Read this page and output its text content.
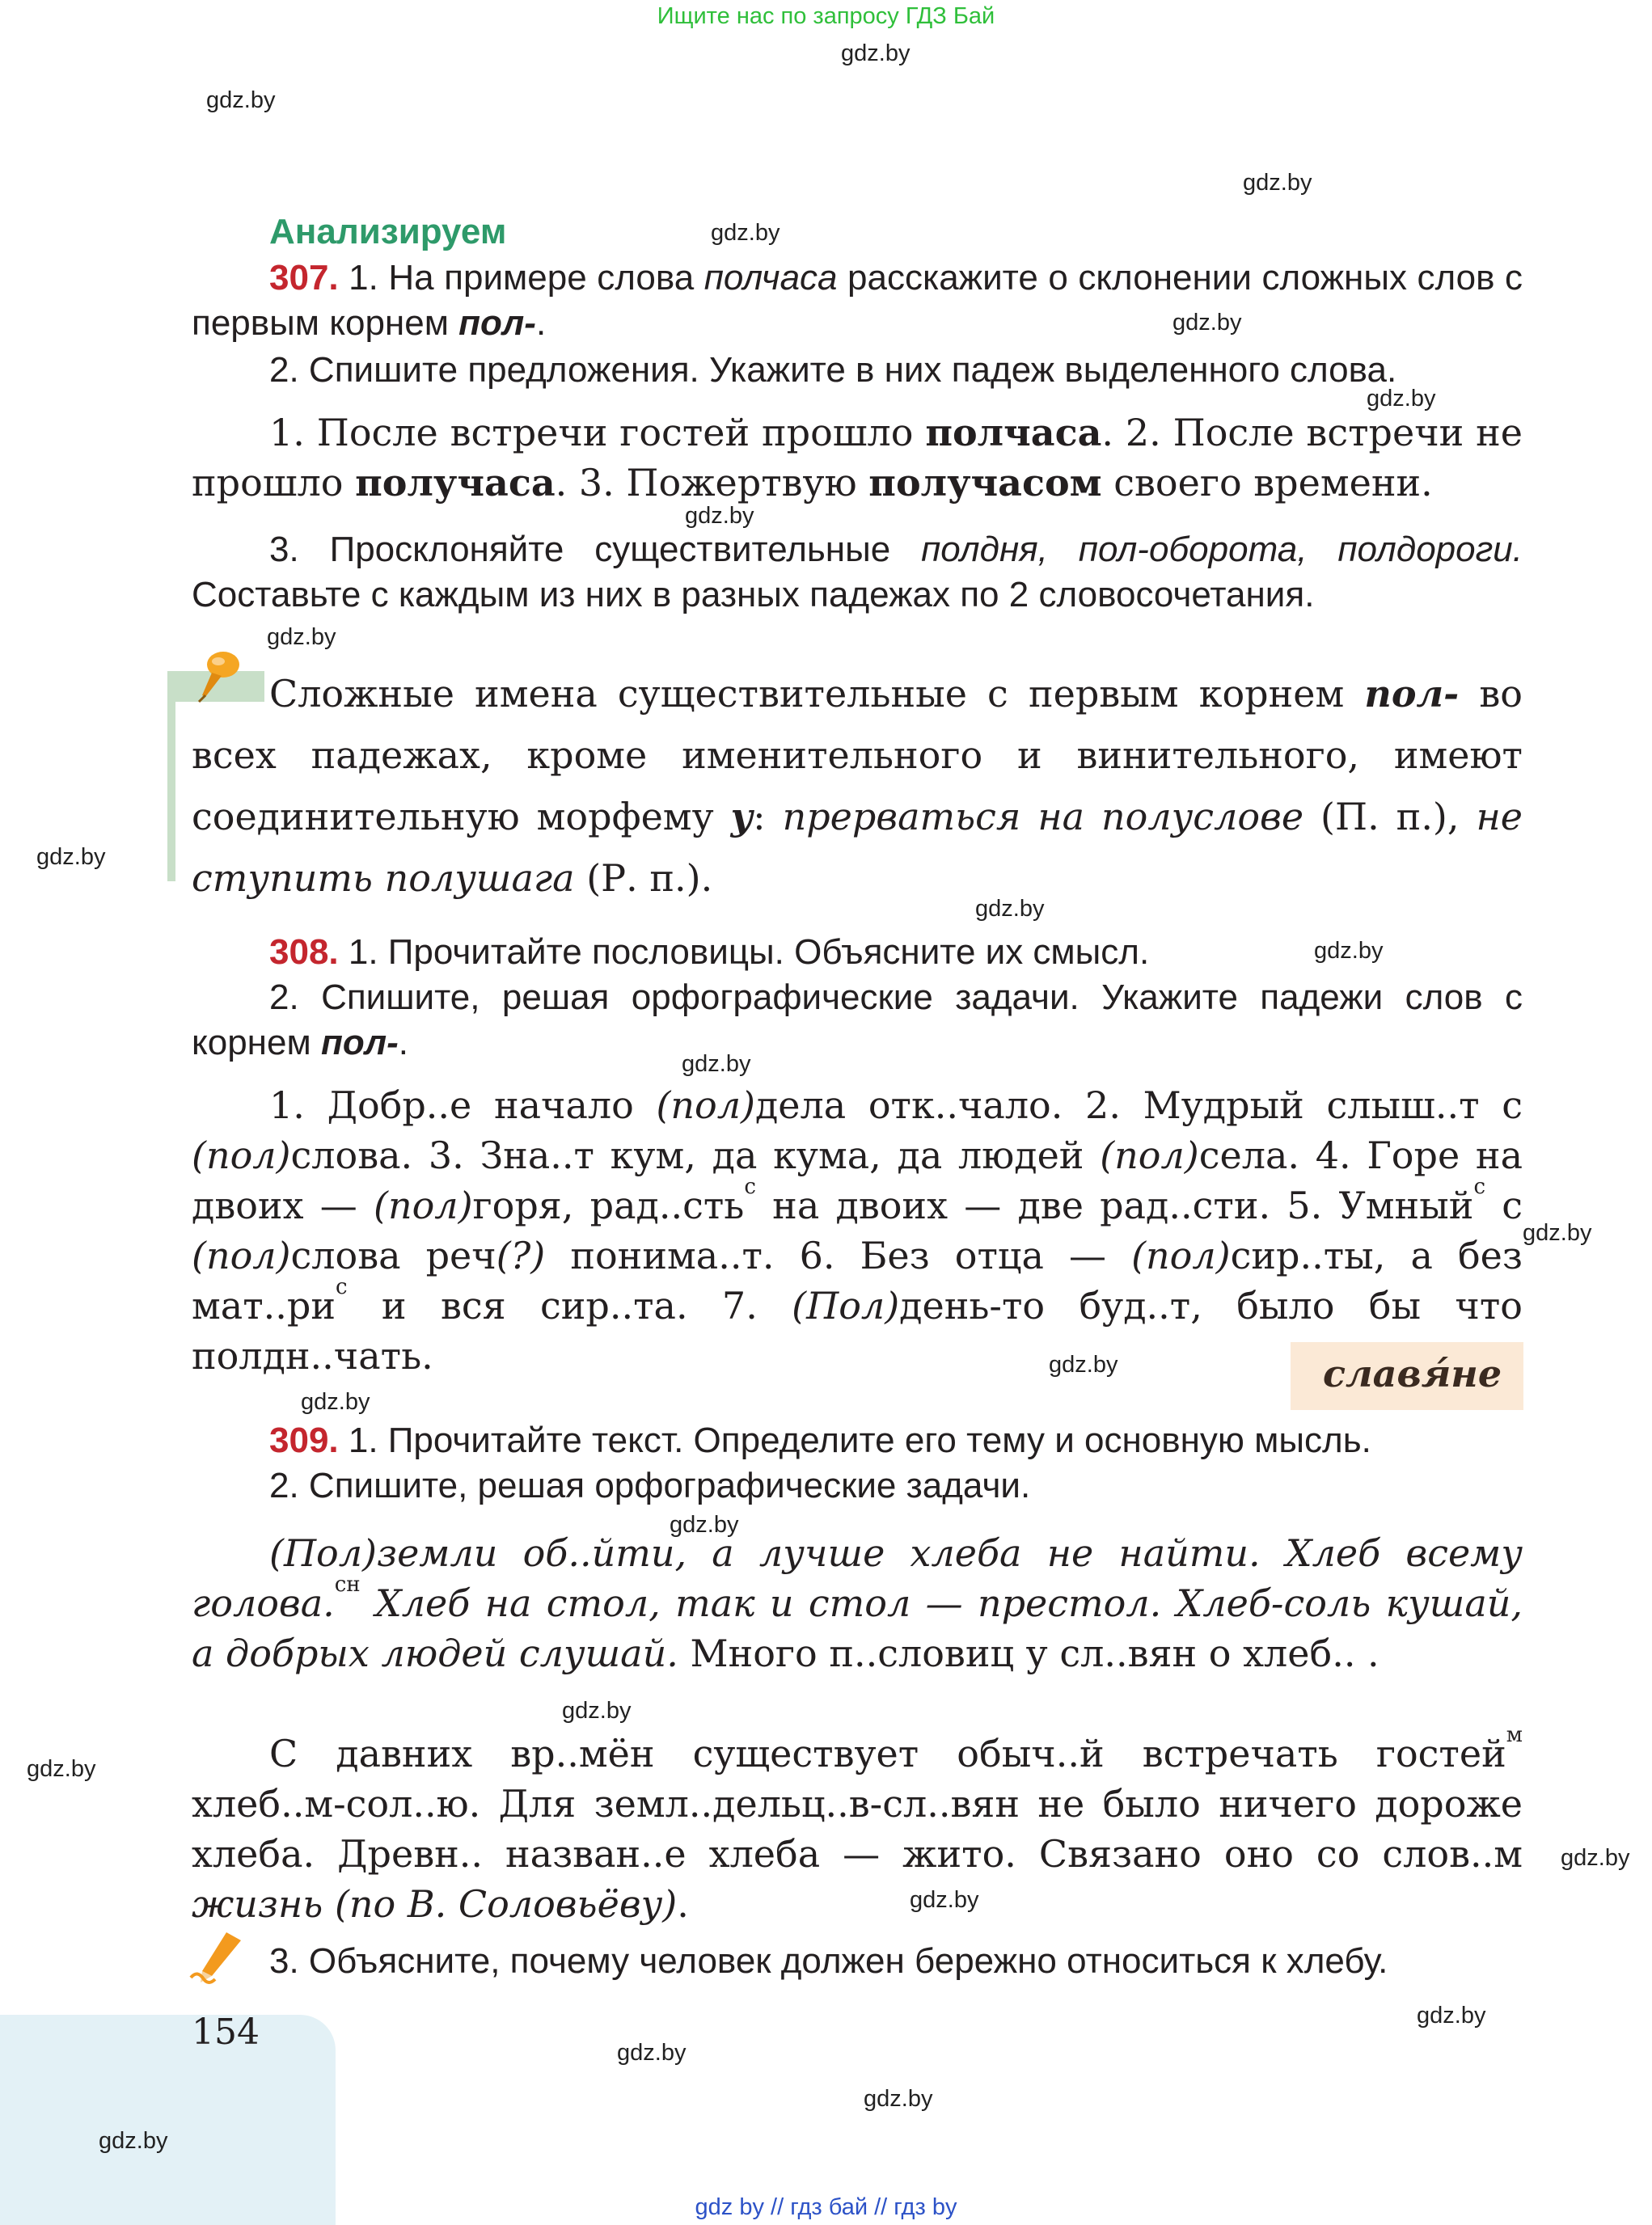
Ищите нас по запросу ГДЗ Бай
gdz.by
gdz.by
gdz.by
gdz.by
gdz.by
gdz.by
gdz.by
gdz.by
gdz.by
gdz.by
gdz.by
gdz.by
gdz.by
gdz.by
gdz.by
gdz.by
gdz.by
gdz.by
gdz.by
gdz.by
gdz.by
gdz.by
gdz.by
Анализируем
307. 1. На примере слова полчаса расскажите о склонении сложных слов с первым корнем пол-.
2. Спишите предложения. Укажите в них падеж выделенного слова.
1. После встречи гостей прошло полчаса. 2. После встречи не прошло получаса. 3. Пожертвую получасом своего времени.
3. Просклоняйте существительные полдня, пол-оборота, полдороги. Составьте с каждым из них в разных падежах по 2 словосочетания.
Сложные имена существительные с первым корнем пол- во всех падежах, кроме именительного и винительного, имеют соединительную морфему у: прерваться на полуслове (П. п.), не ступить полушага (Р. п.).
308. 1. Прочитайте пословицы. Объясните их смысл.
2. Спишите, решая орфографические задачи. Укажите падежи слов с корнем пол-.
1. Добр..е начало (пол)дела отк..чало. 2. Мудрый слыш..т с (пол)слова. 3. Зна..т кум, да кума, да людей (пол)села. 4. Горе на двоих — (пол)горя, рад..сть$^с$ на двоих — две рад..сти. 5. Умный$^с$ с (пол)слова реч(?) понима..т. 6. Без отца — (пол)сир..ты, а без $мат..ри^с$ и вся сир..та. 7. (Пол)день-то буд..т, было бы что полдн..чать.	славя́не
309. 1. Прочитайте текст. Определите его тему и основную мысль.
2. Спишите, решая орфографические задачи.
(Пол)земли об..йти, а лучше хлеба не найти. Хлеб всему голова.$^{сн}$ Хлеб на стол, так и стол — престол. Хлеб-соль кушай, а добрых людей слушай. Много п..словиц у сл..вян о хлеб.. .
С давних вр..мён существует обыч..й встречать гостей$^м$ хлеб..м-сол..ю. Для земл..дельц..в-сл..вян не было ничего дороже хлеба. Древн.. назван..е хлеба — жито. Связано оно со слов..м жизнь (по В. Соловьёву).
3. Объясните, почему человек должен бережно относиться к хлебу.
154
gdz.by
gdz by // гдз бай // гдз by
